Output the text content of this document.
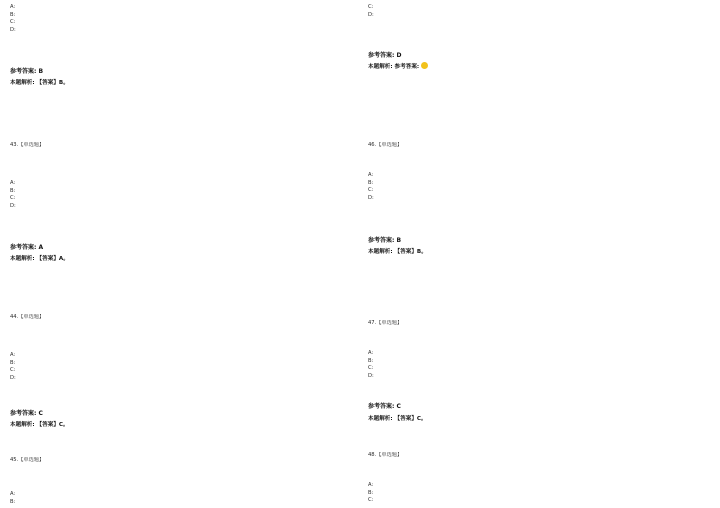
A:
B:
C:
D:
参考答案: B
本题解析: 【答案】B。
43.【单选题】
A:
B:
C:
D:
参考答案: A
本题解析: 【答案】A。
44.【单选题】
A:
B:
C:
D:
参考答案: C
本题解析: 【答案】C。
45.【单选题】
A:
B:
C:
D:
参考答案: D
本题解析: 参考答案:
46.【单选题】
A:
B:
C:
D:
参考答案: B
本题解析: 【答案】B。
47.【单选题】
A:
B:
C:
D:
参考答案: C
本题解析: 【答案】C。
48.【单选题】
A:
B:
C:
